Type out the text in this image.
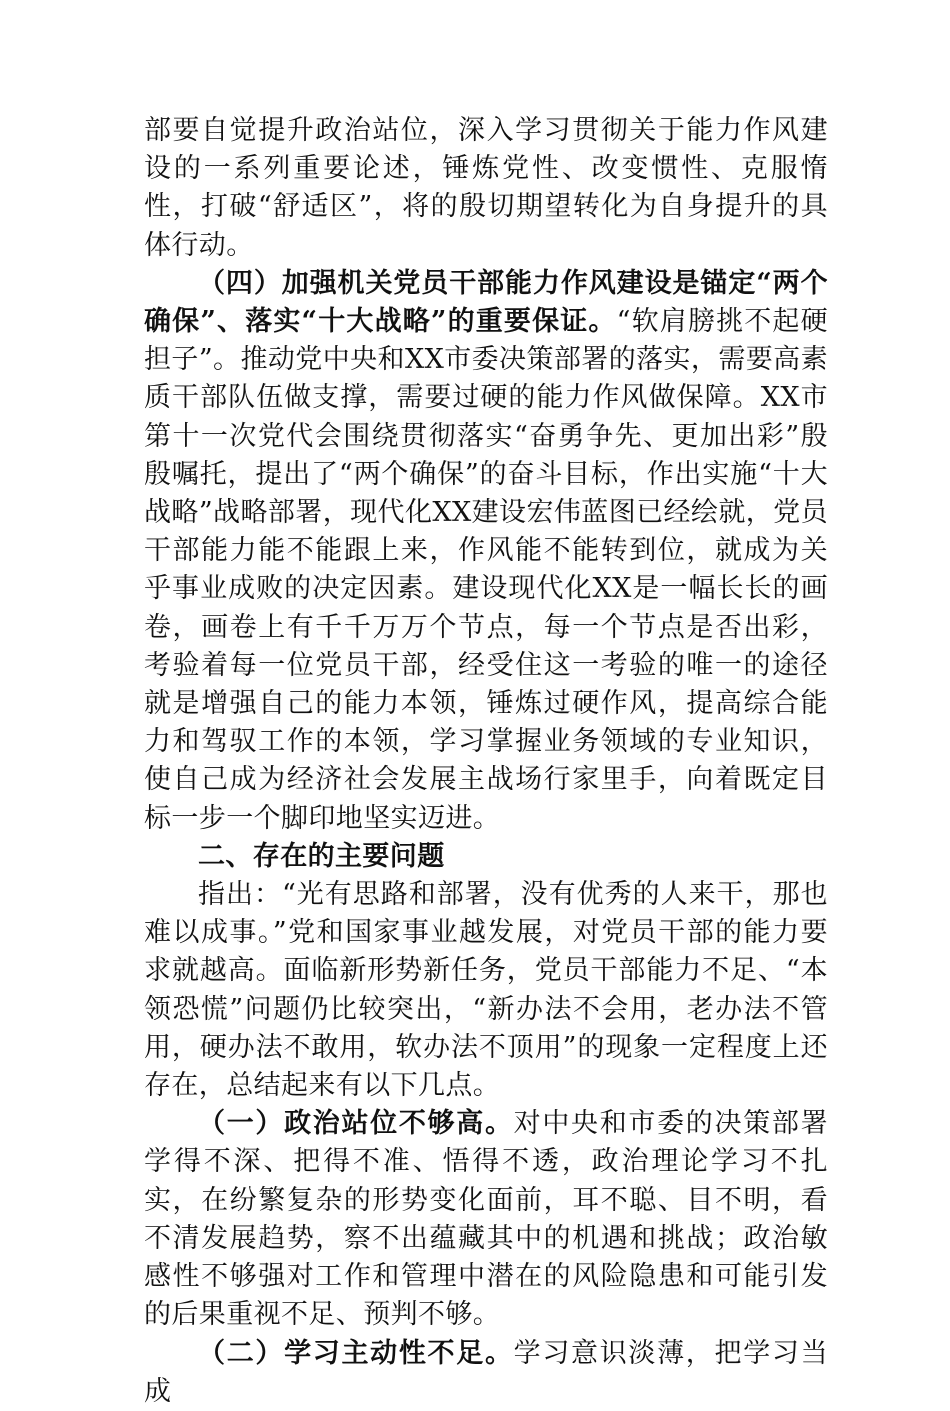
部要自觉提升政治站位，深入学习贯彻关于能力作风建设的一系列重要论述，锤炼党性、改变惯性、克服惰性，打破“舒适区”，将的殷切期望转化为自身提升的具体行动。

（四）加强机关党员干部能力作风建设是锚定“两个确保”、落实“十大战略”的重要保证。“软肩膀挑不起硬担子”。推动党中央和XX市委决策部署的落实，需要高素质干部队伍做支撑，需要过硬的能力作风做保障。XX市第十一次党代会围绕贯彻落实“奋勇争先、更加出彩”殷殷嘱托，提出了“两个确保”的奋斗目标，作出实施“十大战略”战略部署，现代化XX建设宏伟蓝图已经绘就，党员干部能力能不能跟上来，作风能不能转到位，就成为关乎事业成败的决定因素。建设现代化XX是一幅长长的画卷，画卷上有千千万万个节点，每一个节点是否出彩，考验着每一位党员干部，经受住这一考验的唯一的途径就是增强自己的能力本领，锤炼过硬作风，提高综合能力和驾驭工作的本领，学习掌握业务领域的专业知识，使自己成为经济社会发展主战场行家里手，向着既定目标一步一个脚印地坚实迈进。

二、存在的主要问题

指出：“光有思路和部署，没有优秀的人来干，那也难以成事。”党和国家事业越发展，对党员干部的能力要求就越高。面临新形势新任务，党员干部能力不足、“本领恐慌”问题仍比较突出，“新办法不会用，老办法不管用，硬办法不敢用，软办法不顶用”的现象一定程度上还存在，总结起来有以下几点。

（一）政治站位不够高。对中央和市委的决策部署学得不深、把得不准、悟得不透，政治理论学习不扎实，在纷繁复杂的形势变化面前，耳不聪、目不明，看不清发展趋势，察不出蕴藏其中的机遇和挑战；政治敏感性不够强对工作和管理中潜在的风险隐患和可能引发的后果重视不足、预判不够。

（二）学习主动性不足。学习意识淡薄，把学习当成
